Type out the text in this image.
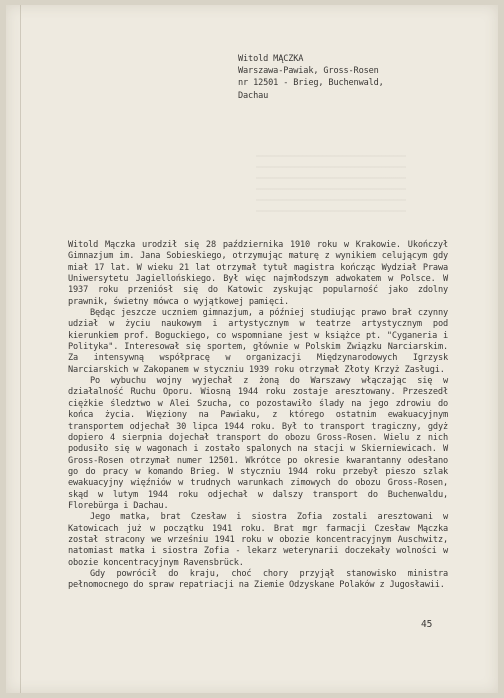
Witold MĄCZKA
Warszawa-Pawiak, Gross-Rosen
nr 12501 - Brieg, Buchenwald,
Dachau

Witold Mączka urodził się 28 października 1910 roku w Krakowie. Ukończył Gimnazjum im. Jana Sobieskiego, otrzymując maturę z wynikiem celującym gdy miał 17 lat. W wieku 21 lat otrzymał tytuł magistra kończąc Wydział Prawa Uniwersytetu Jagiellońskiego. Był więc najmłodszym adwokatem w Polsce. W 1937 roku przeniósł się do Katowic zyskując popularność jako zdolny prawnik, świetny mówca o wyjątkowej pamięci.

Będąc jeszcze uczniem gimnazjum, a później studiując prawo brał czynny udział w życiu naukowym i artystycznym w teatrze artystycznym pod kierunkiem prof. Boguckiego, co wspomniane jest w książce pt. "Cyganeria i Polityka". Interesował się sportem, głównie w Polskim Związku Narciarskim. Za intensywną współpracę w organizacji Międzynarodowych Igrzysk Narciarskich w Zakopanem w styczniu 1939 roku otrzymał Złoty Krzyż Zasługi.

Po wybuchu wojny wyjechał z żoną do Warszawy włączając się w działalność Ruchu Oporu. Wiosną 1944 roku zostaje aresztowany. Przeszedł ciężkie śledztwo w Alei Szucha, co pozostawiło ślady na jego zdrowiu do końca życia. Więziony na Pawiaku, z którego ostatnim ewakuacyjnym transportem odjechał 30 lipca 1944 roku. Był to transport tragiczny, gdyż dopiero 4 sierpnia dojechał transport do obozu Gross-Rosen. Wielu z nich podusiło się w wagonach i zostało spalonych na stacji w Skierniewicach. W Gross-Rosen otrzymał numer 12501. Wkrótce po okresie kwarantanny odesłano go do pracy w komando Brieg. W styczniu 1944 roku przebył pieszo szlak ewakuacyjny więźniów w trudnych warunkach zimowych do obozu Gross-Rosen, skąd w lutym 1944 roku odjechał w dalszy transport do Buchenwaldu, Florebürga i Dachau.

Jego matka, brat Czesław i siostra Zofia zostali aresztowani w Katowicach już w początku 1941 roku. Brat mgr farmacji Czesław Mączka został stracony we wrześniu 1941 roku w obozie koncentracyjnym Auschwitz, natomiast matka i siostra Zofia - lekarz weterynarii doczekały wolności w obozie koncentracyjnym Ravensbrück.

Gdy powrócił do kraju, choć chory przyjął stanowisko ministra pełnomocnego do spraw repatriacji na Ziemie Odzyskane Polaków z Jugosławii.

45
